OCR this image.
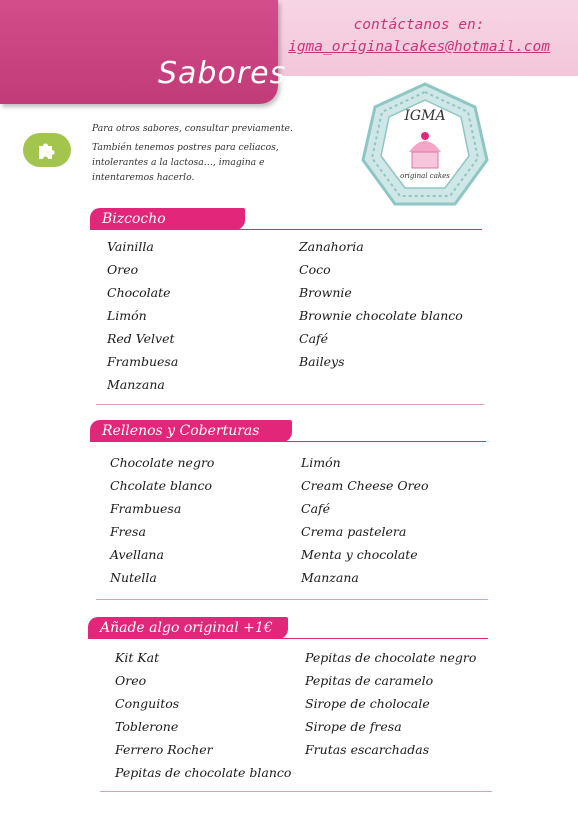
Sabores
contáctanos en:
igma_originalcakes@hotmail.com

Para otros sabores, consultar previamente.

También tenemos postres para celiacos, intolerantes a la lactosa…, imagina e intentaremos hacerlo.

IGMA
original cakes
Bizcocho
Vainilla
Oreo
Chocolate
Limón
Red Velvet
Frambuesa
Manzana
Zanahoria
Coco
Brownie
Brownie chocolate blanco
Café
Baileys
Rellenos y Coberturas
Chocolate negro
Chcolate blanco
Frambuesa
Fresa
Avellana
Nutella
Limón
Cream Cheese Oreo
Café
Crema pastelera
Menta y chocolate
Manzana
Añade algo original +1€
Kit Kat
Oreo
Conguitos
Toblerone
Ferrero Rocher
Pepitas de chocolate blanco
Pepitas de chocolate negro
Pepitas de caramelo
Sirope de cholocale
Sirope de fresa
Frutas escarchadas
